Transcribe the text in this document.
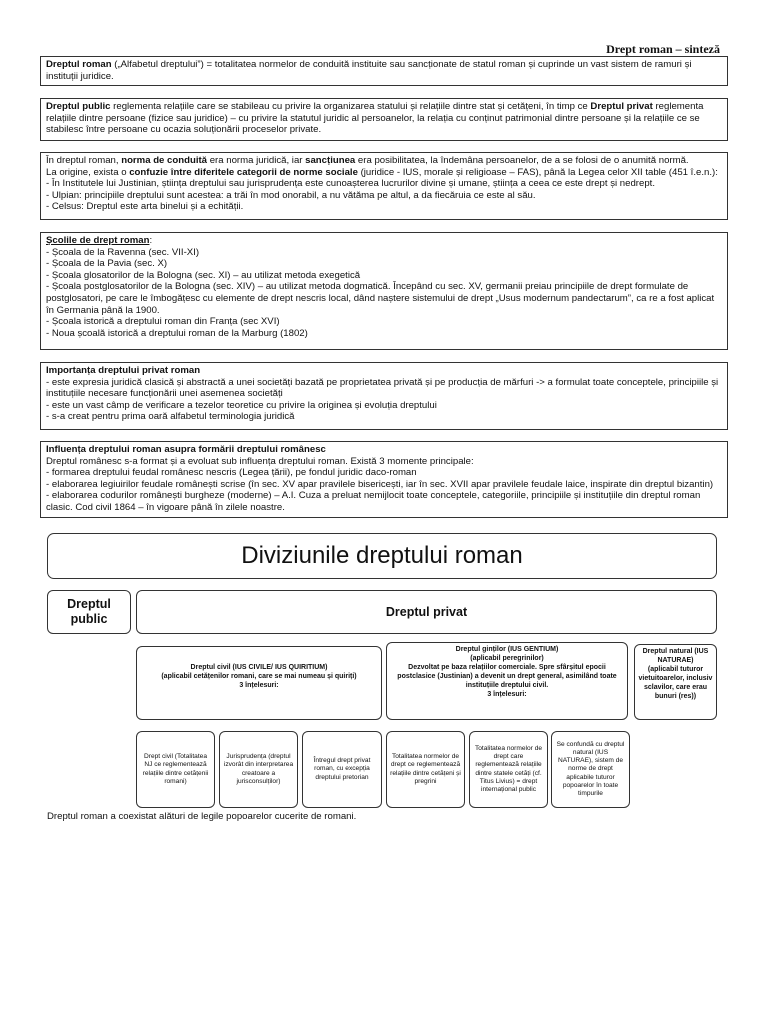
Drept roman – sinteză
Dreptul roman („Alfabetul dreptului”) = totalitatea normelor de conduită instituite sau sancționate de statul roman și cuprinde un vast sistem de ramuri și instituții juridice.
Dreptul public reglementa relațiile care se stabileau cu privire la organizarea statului și relațiile dintre stat și cetățeni, în timp ce Dreptul privat reglementa relațiile dintre persoane (fizice sau juridice) – cu privire la statutul juridic al persoanelor, la relația cu conținut patrimonial dintre persoane și la relațiile ce se stabilesc între persoane cu ocazia soluționării proceselor private.
În dreptul roman, norma de conduită era norma juridică, iar sancțiunea era posibilitatea, la îndemâna persoanelor, de a se folosi de o anumită normă.
La origine, exista o confuzie între diferitele categorii de norme sociale (juridice - IUS, morale și religioase – FAS), până la Legea celor XII table (451 î.e.n.):
- În Institutele lui Justinian, știința dreptului sau jurisprudența este cunoașterea lucrurilor divine și umane, știința a ceea ce este drept și nedrept.
- Ulpian: principiile dreptului sunt acestea: a trăi în mod onorabil, a nu vătăma pe altul, a da fiecăruia ce este al său.
- Celsus: Dreptul este arta binelui și a echității.
Școlile de drept roman:
- Școala de la Ravenna (sec. VII-XI)
- Școala de la Pavia (sec. X)
- Școala glosatorilor de la Bologna (sec. XI) – au utilizat metoda exegetică
- Școala postglosatorilor de la Bologna (sec. XIV) – au utilizat metoda dogmatică. Începând cu sec. XV, germanii preiau principiile de drept formulate de postglosatori, pe care le îmbogățesc cu elemente de drept nescris local, dând naștere sistemului de drept „Usus modernum pandectarum”, ca re a fost aplicat în Germania până la 1900.
- Școala istorică a dreptului roman din Franța (sec XVI)
- Noua școală istorică a dreptului roman de la Marburg (1802)
Importanța dreptului privat roman
- este expresia juridică clasică și abstractă a unei societăți bazată pe proprietatea privată și pe producția de mărfuri -> a formulat toate conceptele, principiile și instituțiile necesare funcționării unei asemenea societăți
- este un vast câmp de verificare a tezelor teoretice cu privire la originea și evoluția dreptului
- s-a creat pentru prima oară alfabetul terminologia juridică
Influența dreptului roman asupra formării dreptului românesc
Dreptul românesc s-a format și a evoluat sub influența dreptului roman. Există 3 momente principale:
- formarea dreptului feudal românesc nescris (Legea țării), pe fondul juridic daco-roman
- elaborarea legiuirilor feudale românești scrise (în sec. XV apar pravilele bisericești, iar în sec. XVII apar pravilele feudale laice, inspirate din dreptul bizantin)
- elaborarea codurilor românești burgheze (moderne) – A.I. Cuza a preluat nemijlocit toate conceptele, categoriile, principiile și instituțiile din dreptul roman clasic. Cod civil 1864 – în vigoare până în zilele noastre.
Diviziunile dreptului roman
Dreptul public	Dreptul privat
Dreptul civil (IUS CIVILE/ IUS QUIRITIUM)
(aplicabil cetățenilor romani, care se mai numeau și quiriți)
3 înțelesuri:
Dreptul ginților (IUS GENTIUM)
(aplicabil peregrinilor)
Dezvoltat pe baza relațiilor comerciale. Spre sfârșitul epocii postclasice (Justinian) a devenit un drept general, asimilând toate instituțiile dreptului civil.
3 înțelesuri:
Dreptul natural (IUS NATURAE)
(aplicabil tuturor vietuitoarelor, inclusiv sclavilor, care erau bunuri (res))
Drept civil (Totalitatea NJ ce reglementează relațiile dintre cetățenii romani)
Jurisprudența (dreptul izvorât din interpretarea creatoare a jurisconsulților)
Întregul drept privat roman, cu excepția dreptului pretorian
Totalitatea normelor de drept ce reglementează relațiile dintre cetățeni și pregrini
Totalitatea normelor de drept care reglementează relațiile dintre statele cetăți (cf. Titus Livius) = drept internațional public
Se confundă cu dreptul natural (IUS NATURAE), sistem de norme de drept aplicabile tuturor popoarelor în toate timpurile
Dreptul roman a coexistat alături de legile popoarelor cucerite de romani.
